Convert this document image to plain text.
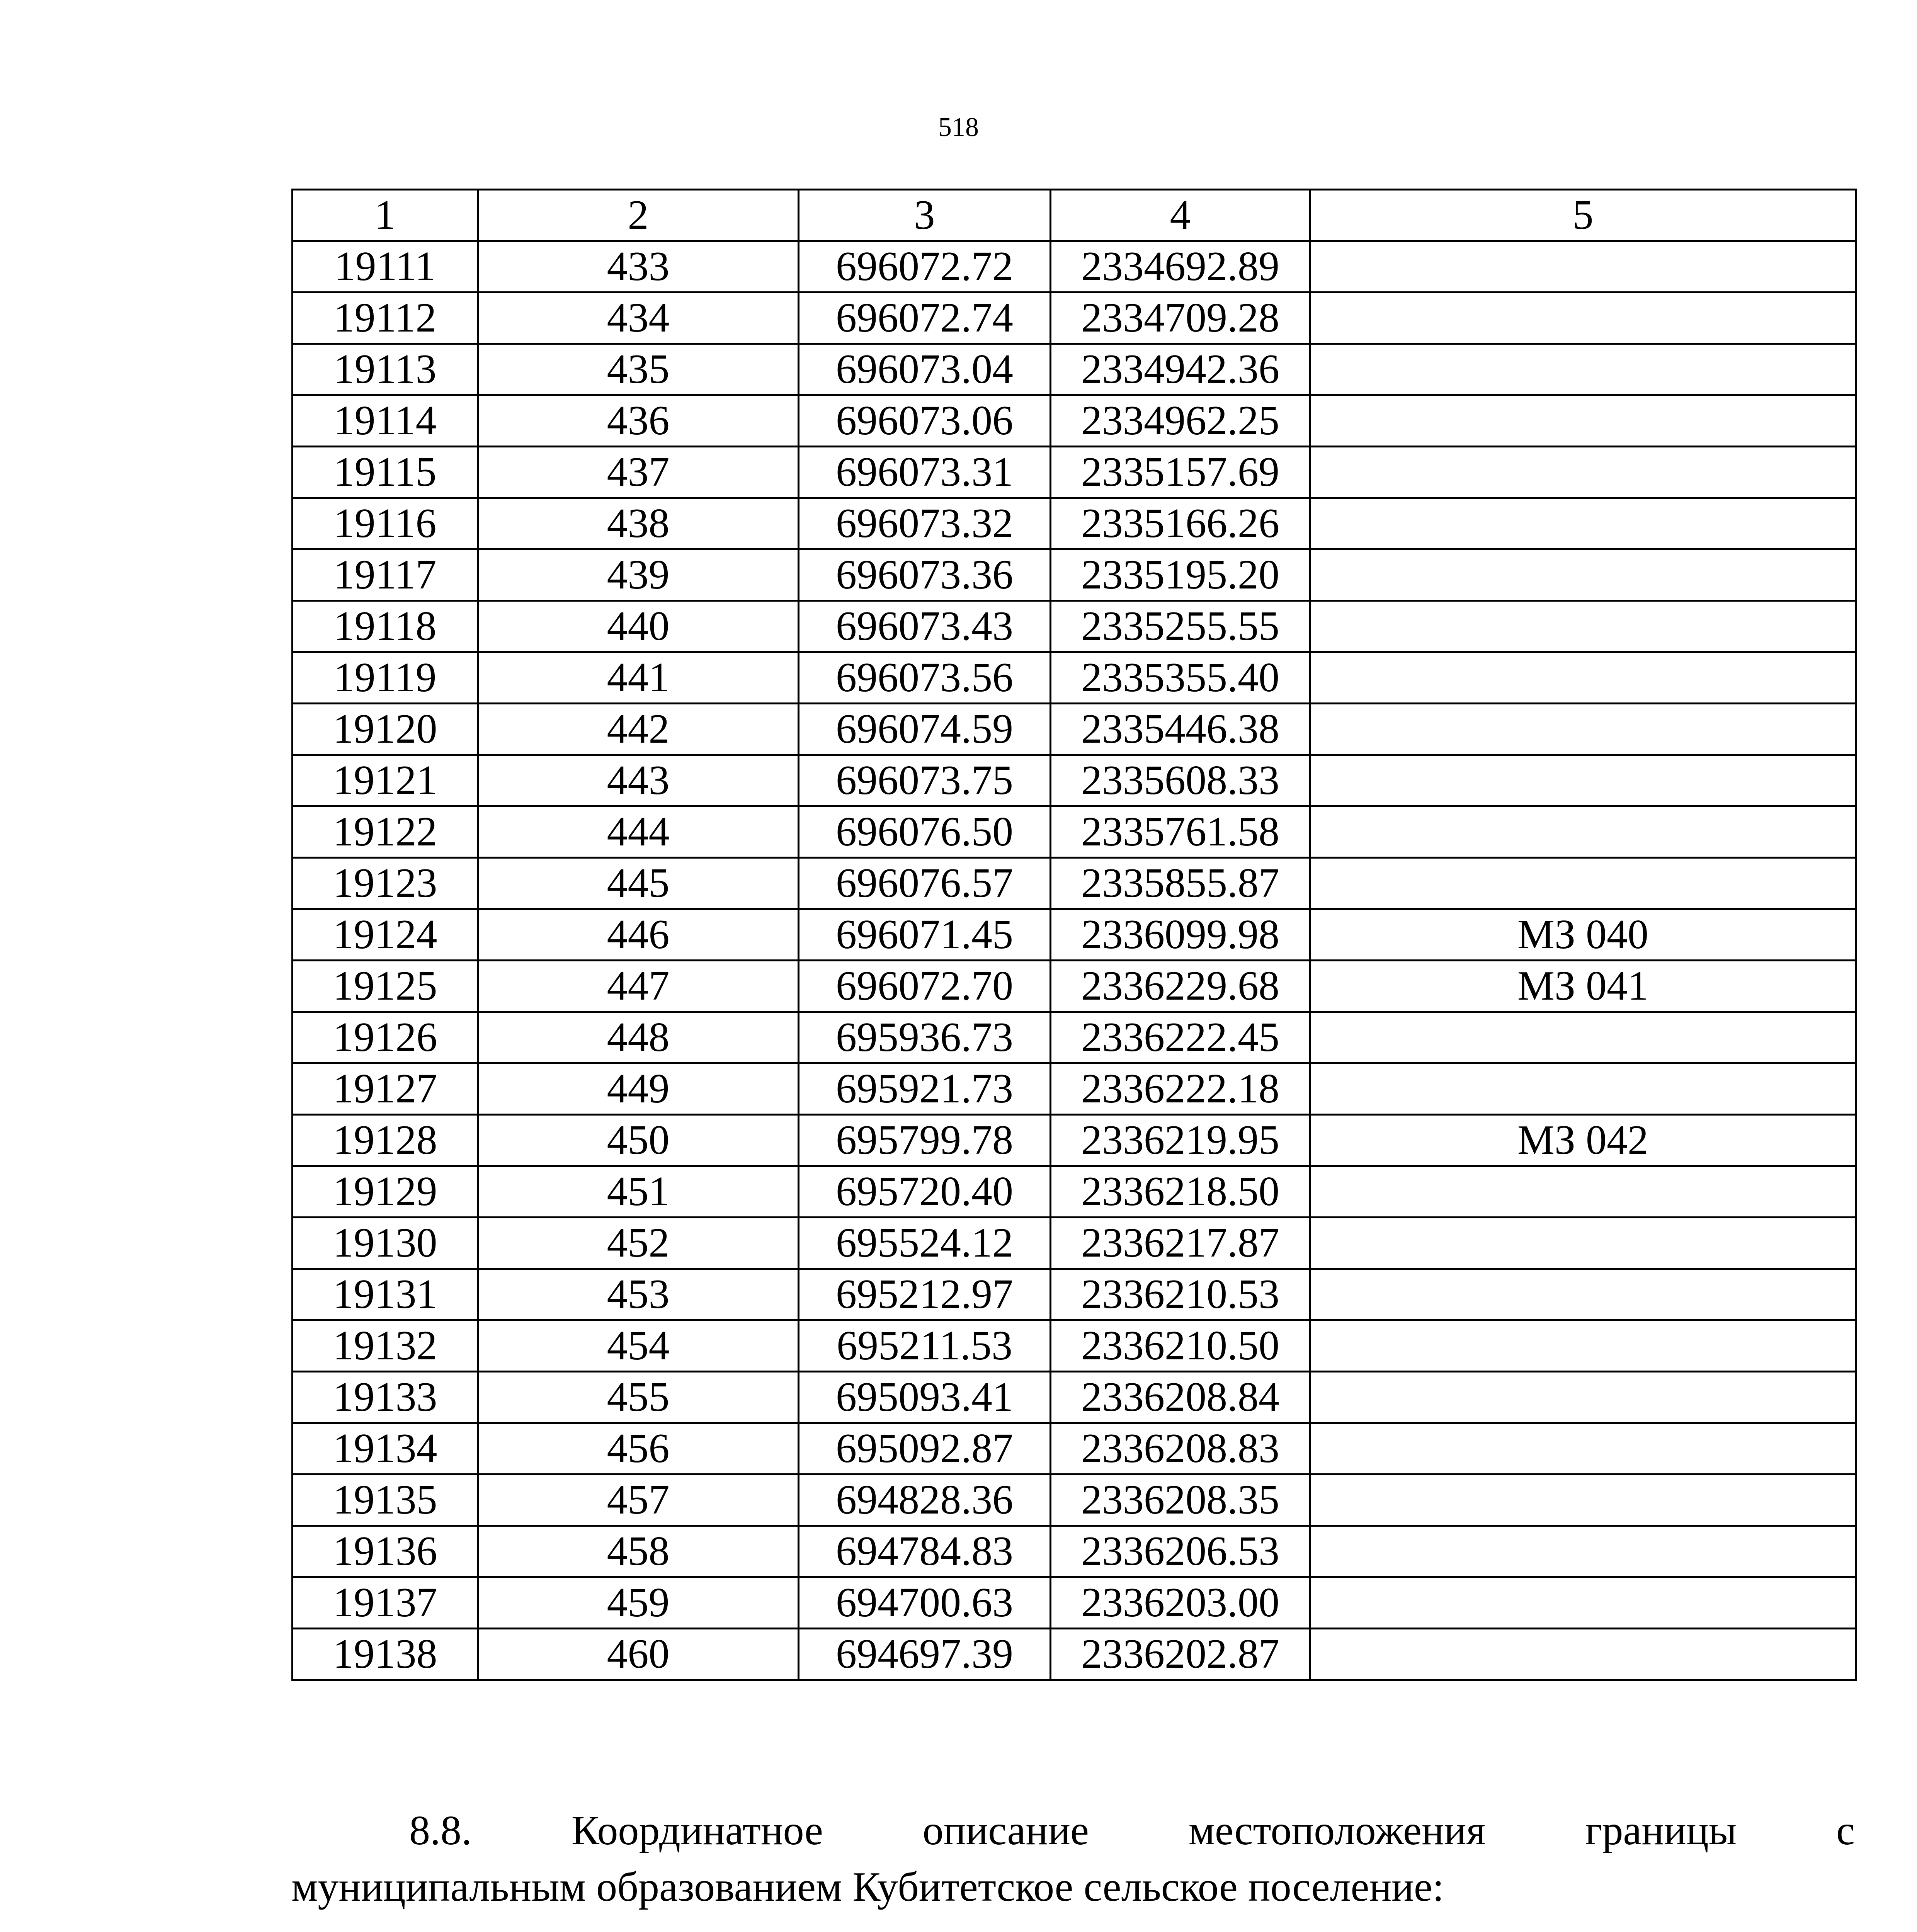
518
1	2	3	4	5
19111	433	696072.72	2334692.89	
19112	434	696072.74	2334709.28	
19113	435	696073.04	2334942.36	
19114	436	696073.06	2334962.25	
19115	437	696073.31	2335157.69	
19116	438	696073.32	2335166.26	
19117	439	696073.36	2335195.20	
19118	440	696073.43	2335255.55	
19119	441	696073.56	2335355.40	
19120	442	696074.59	2335446.38	
19121	443	696073.75	2335608.33	
19122	444	696076.50	2335761.58	
19123	445	696076.57	2335855.87	
19124	446	696071.45	2336099.98	МЗ 040
19125	447	696072.70	2336229.68	МЗ 041
19126	448	695936.73	2336222.45	
19127	449	695921.73	2336222.18	
19128	450	695799.78	2336219.95	МЗ 042
19129	451	695720.40	2336218.50	
19130	452	695524.12	2336217.87	
19131	453	695212.97	2336210.53	
19132	454	695211.53	2336210.50	
19133	455	695093.41	2336208.84	
19134	456	695092.87	2336208.83	
19135	457	694828.36	2336208.35	
19136	458	694784.83	2336206.53	
19137	459	694700.63	2336203.00	
19138	460	694697.39	2336202.87	

8.8. Координатное описание местоположения границы с

муниципальным образованием Кубитетское сельское поселение:
